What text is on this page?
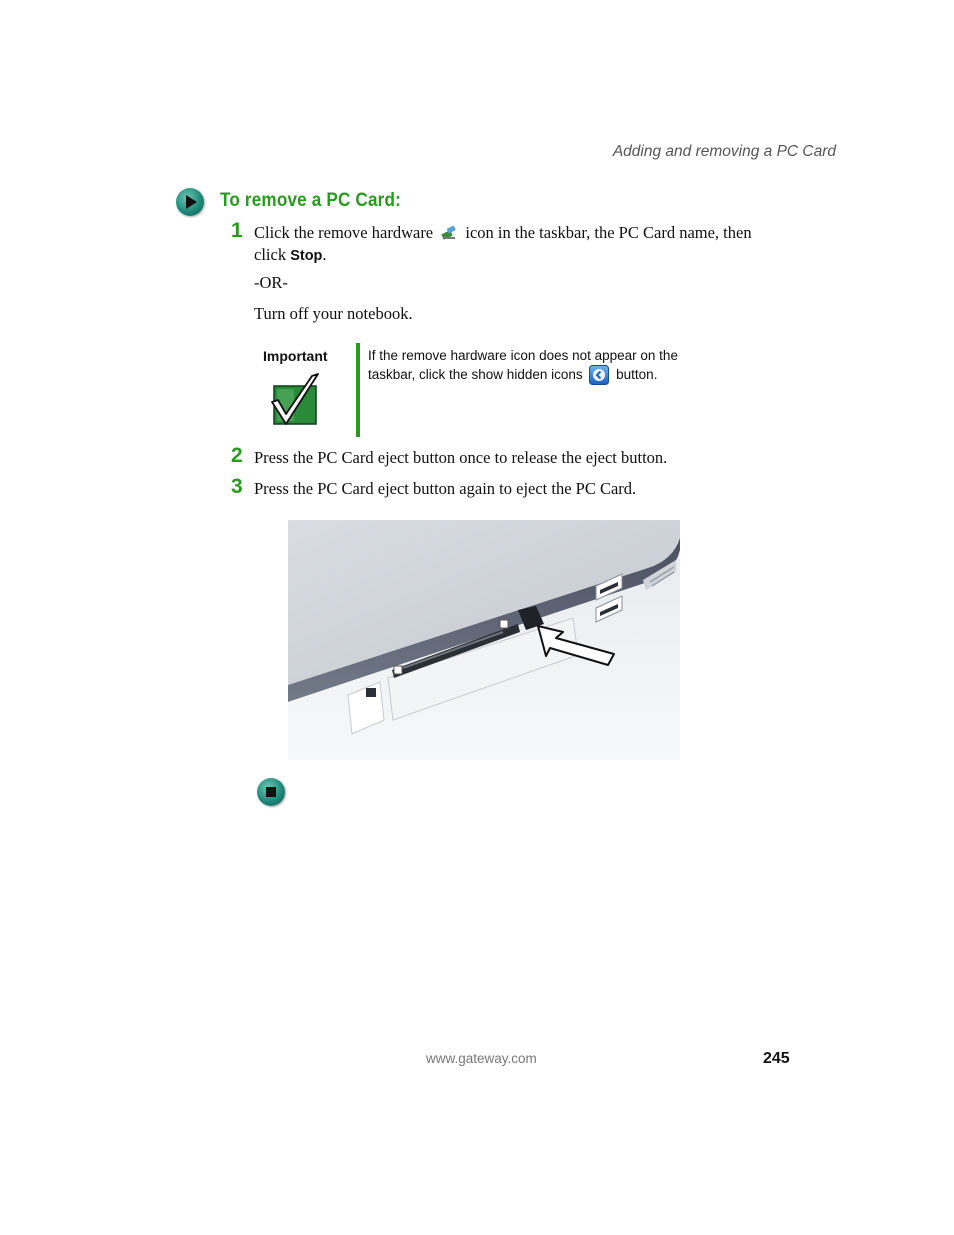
Adding and removing a PC Card
To remove a PC Card:
1 Click the remove hardware icon in the taskbar, the PC Card name, then
click Stop.
-OR-
Turn off your notebook.
Important	If the remove hardware icon does not appear on the
taskbar, click the show hidden icons button.
2 Press the PC Card eject button once to release the eject button.
3 Press the PC Card eject button again to eject the PC Card.
www.gateway.com	245
